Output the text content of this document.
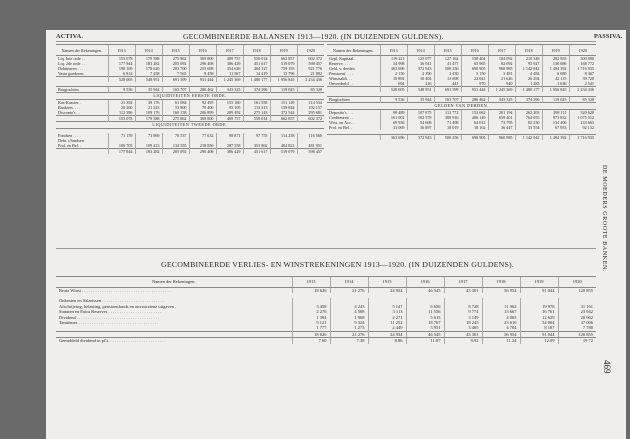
ACTIVA.	GECOMBINEERDE BALANSEN 1913—1920. (IN DUIZENDEN GULDENS).	PASSIVA.
Namen der Rekeningen.	1913	1914	1915	1916	1917	1918	1919	1920
Liq. Inte orde . .	153 078	179 588	275 862	369 800	409 757	550 014	662 857	602 372
Liq. 2de orde . .	177 944	183 282	205 092	296 408	386 429	451 617	519 079	598 457
Debiteuren . . .	190 169	178 620	203 700	255 698	354 626	404 127	759 193	921 776
Vaste goederen	6 814	7 458	7 565	9 458	11 567	14 419	15 796	21 882
	528 005	548 951	691 399	931 444	1 245 369	1 480 177	1 956 845	2 234 436

Borgtochten	9 536	35 944	163 707	286 462	343 325	374 296	119 025	85 328
LIQUIDITEITEN EERSTE ORDE.								
Kas-Kassier. .	21 392	39 176	61 084	92 495	155 160	161 558	151 149	114 534
Bankiers. . . .	20 260	21 243	53 800	70 406	95 105	113 313	158 844	192 157
Disconto's . .	112 396	109 176	160 158	206 899	209 492	275 143	372 544	295 681
	153 078	179 588	275 862	369 800	409 757	550 014	662 857	602 372
LIQUIDITEITEN TWEEDE ORDE.								

Fondsen . . . .	71 159	73 869	70 537	77 632	98 871	97 755	114 258	116 566
Debt. t/fondsen								
Prol. en Bel. .	106 705	109 413	134 555	218 856	287 558	353 862	404 821	481 951
	177 844	183 282	205 092	296 408	386 429	451 617	519 079	598 457
Namen der Rekeningen.	1913	1914	1915	1916	1917	1918	1919	1920
Gepl. Kapitaal.	119 221	125 077	127 162	158 404	184 092	210 348	282 955	300 000
Reserve. . . .	34 998	36 941	41 477	65 965	82 092	95 927	130 686	168 772
Geld. v. derden	363 696	372 943	500 256	690 905	960 985	1 142 042	1 494 392	1 716 935
Pensioenf. . . .	2 150	2 390	2 430	3 150	3 481	4 484	6 680	8 467
Winstsaldi. . .	10 892	10 404	13 698	22 041	21 626	26 294	42 115	39 720
Onverdeeld . .	694	216	441	970	940	1 285	1 636	2 541
	528 005	548 951	691 399	931 444	1 245 369	1 480 177	1 956 845	2 234 436

Borgtochten	9 536	35 944	163 707	286 462	343 325	374 296	119 025	85 328
GELDEN VAN DERDEN.								
Deposito's . . .	99 489	107 875	112 772	152 062	201 194	262 203	298 111	320 628
Crediteuren . .	161 002	192 578	308 916	406 149	659 401	764 055	973 832	1 075 512
Wiss. en Acc. .	69 936	54 608	71 498	64 012	73 795	82 230	154 406	233 663
Prol. en Bel. .	33 069	16 897	18 019	18 162	36 447	33 554	67 953	92 132

	363 696	372 943	500 256	690 905	960 985	1 142 042	1 494 392	1 716 935
DE MOEDERS GROOTE BANKEN.
469
GECOMBINEERDE VERLIES- EN WINSTREKENINGEN 1913—1920. (IN DUIZENDEN GULDENS).
Namen der Rekeningen.	1913	1914	1915	1916	1917	1918	1919	1920
Bruto Winst . . . . . . . . . . . . . . . . . . . . . . . . . . . . . . . . . . . . . . . .	18 626	21 276	24 934	46 545	43 301	56 954	91 044	120 855

Onkosten en Salarissen . . . . . . . . . . . . . . . . . . . . . . . . . . . .								
Afschrijving, belasting, pensioenfonds en onvoorziene uitgaven .	3 458	4 243	5 147	6 656	8 728	11 962	19 978	31 161
Statuten en Extra Reserves . . . . . . . . . . . . . . . . . . . . . . . .	2 276	4 588	3 113	11 556	9 774	13 667	16 761	23 942
Dividend . . . . . . . . . . . . . . . . . . . . . . . . . . . . . . . . . . . . .	1 394	1 968	2 271	5 615	3 149	4 065	12 629	20 962
Tantièmes . . . . . . . . . . . . . . . . . . . . . . . . . . . . . . . . . . . .	9 121	9 324	11 252	18 767	18 245	23 616	34 004	37 006
	1 777	1 273	2 449	3 951	3 405	4 704	8 187	7 780
	18 026	21 276	24 934	46 545	43 301	56 954	91 044	120 855
Gemiddeld dividend in pCt. . . . . . . . . . . . . . . . . . . . . . . . . .	7.60	7.38	8.86	11.87	9.92	11.24	12.09	19 72
